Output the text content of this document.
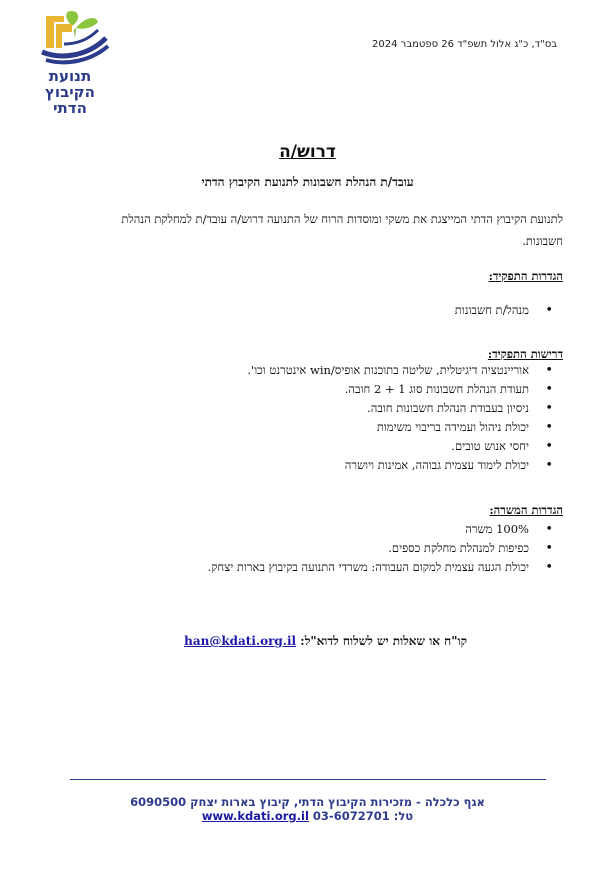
תנועת
הקיבוץ
הדתי
בס"ד, כ"ג אלול תשפ"ד 26 ספטמבר 2024
דרוש/ה
עובד/ת הנהלת חשבונות לתנועת הקיבוץ הדתי
לתנועת הקיבוץ הדתי המייצגת את משקי ומוסדות הרוח של התנועה דרוש/ה עובד/ת למחלקת הנהלת חשבונות.
הגדרות התפקיד:
• מנהל/ת חשבונות
דרישות התפקיד:
• אוריינטציה דיגיטלית, שליטה בתוכנות אופיס/win אינטרנט וכו'.
• תעודת הנהלת חשבונות סוג 1 + 2 חובה.
• ניסיון בעבודת הנהלת חשבונות חובה.
• יכולת ניהול ועמידה בריבוי משימות
• יחסי אנוש טובים.
• יכולת לימוד עצמית גבוהה, אמינות ויושרה
הגדרות המשרה:
• 100% משרה
• כפיפות למנהלת מחלקת כספים.
• יכולת הגעה עצמית למקום העבודה: משרדי התנועה בקיבוץ בארות יצחק.
קו"ח או שאלות יש לשלוח לדוא"ל: han@kdati.org.il
אגף כלכלה - מזכירות הקיבוץ הדתי, קיבוץ בארות יצחק 6090500
טל: 03-6072701 www.kdati.org.il
